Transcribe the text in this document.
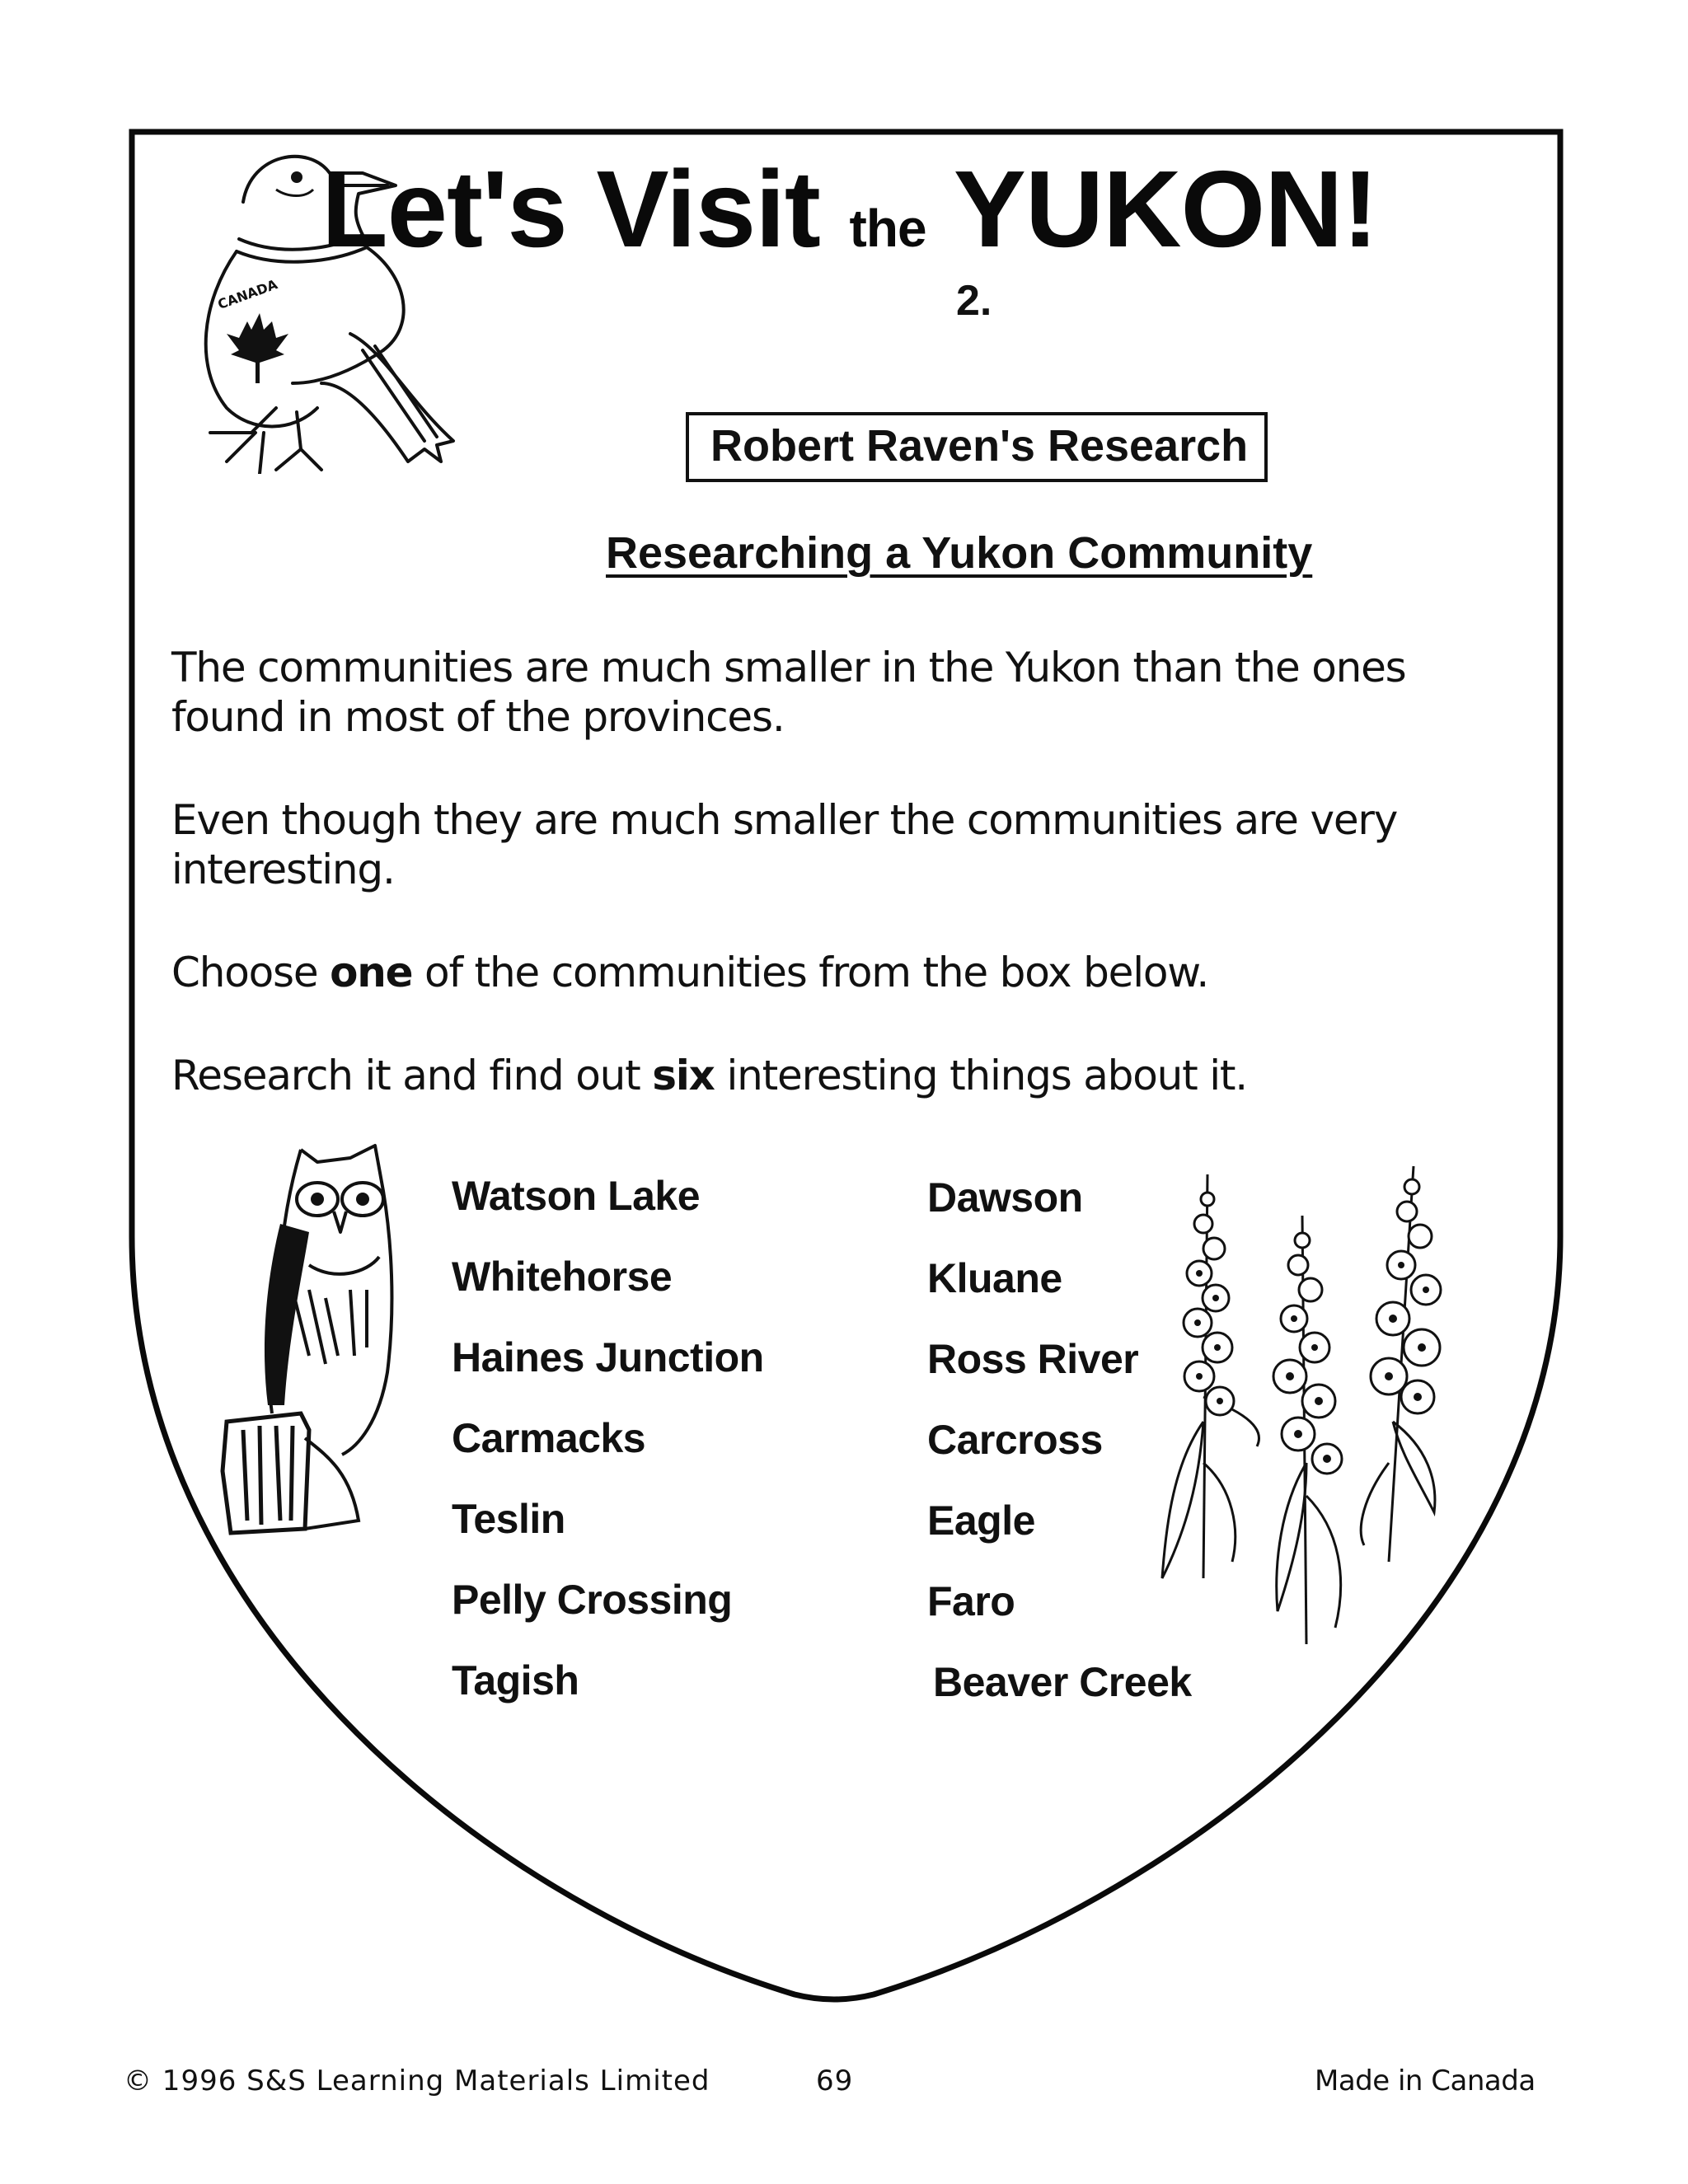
CANADA
Let's Visit the YUKON!
2.
Robert Raven's Research
Researching a Yukon Community
The communities are much smaller in the Yukon than the ones found in most of the provinces.
Even though they are much smaller the communities are very interesting.
Choose one of the communities from the box below.
Research it and find out six interesting things about it.
Watson Lake
Whitehorse
Haines Junction
Carmacks
Teslin
Pelly Crossing
Tagish
Dawson
Kluane
Ross River
Carcross
Eagle
Faro
Beaver Creek
© 1996 S&S Learning Materials Limited	69	Made in Canada
